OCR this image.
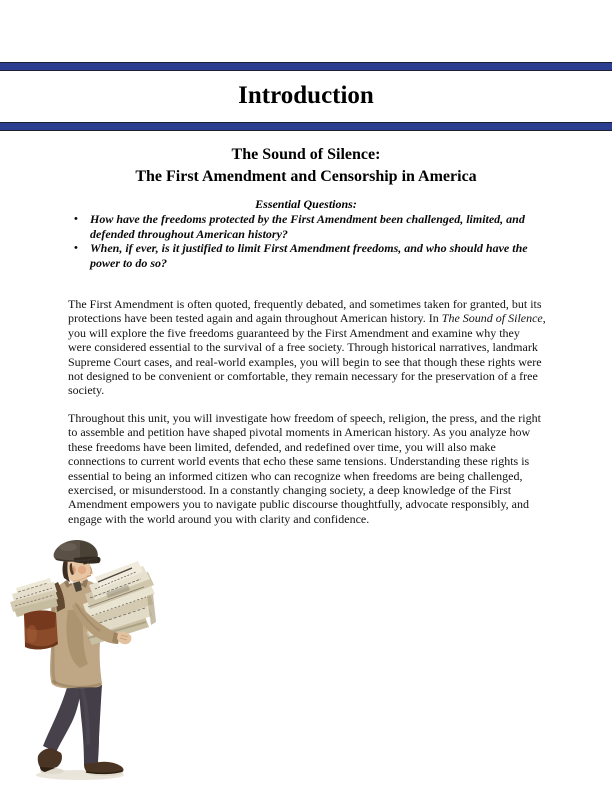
Introduction
The Sound of Silence:
The First Amendment and Censorship in America
Essential Questions:
• How have the freedoms protected by the First Amendment been challenged, limited, and defended throughout American history?
• When, if ever, is it justified to limit First Amendment freedoms, and who should have the power to do so?

The First Amendment is often quoted, frequently debated, and sometimes taken for granted, but its protections have been tested again and again throughout American history. In The Sound of Silence, you will explore the five freedoms guaranteed by the First Amendment and examine why they were considered essential to the survival of a free society. Through historical narratives, landmark Supreme Court cases, and real-world examples, you will begin to see that though these rights were not designed to be convenient or comfortable, they remain necessary for the preservation of a free society.

Throughout this unit, you will investigate how freedom of speech, religion, the press, and the right to assemble and petition have shaped pivotal moments in American history. As you analyze how these freedoms have been limited, defended, and redefined over time, you will also make connections to current world events that echo these same tensions. Understanding these rights is essential to being an informed citizen who can recognize when freedoms are being challenged, exercised, or misunderstood. In a constantly changing society, a deep knowledge of the First Amendment empowers you to navigate public discourse thoughtfully, advocate responsibly, and engage with the world around you with clarity and confidence.
